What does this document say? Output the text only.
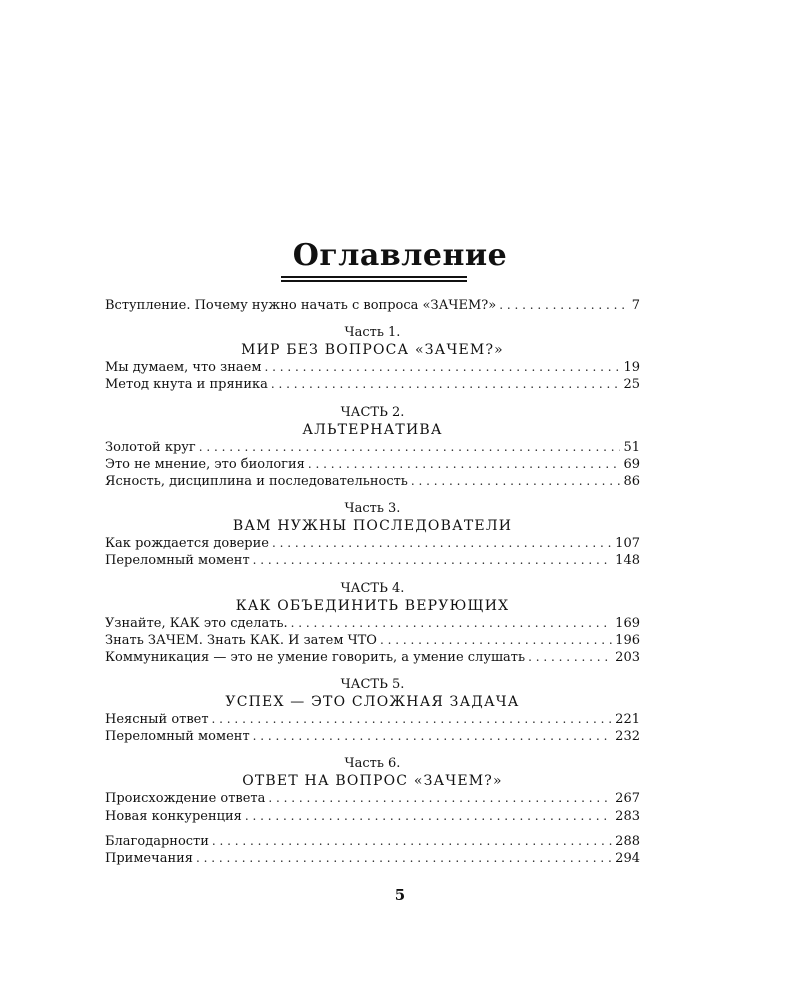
Оглавление
Вступление. Почему нужно начать с вопроса «ЗАЧЕМ?» . . .	7
Часть 1.
МИР БЕЗ ВОПРОСА «ЗАЧЕМ?»
Мы думаем, что знаем . . .	19
Метод кнута и пряника . . .	25
ЧАСТЬ 2.
АЛЬТЕРНАТИВА
Золотой круг . . .	51
Это не мнение, это биология . . .	69
Ясность, дисциплина и последовательность . . .	86
Часть 3.
ВАМ НУЖНЫ ПОСЛЕДОВАТЕЛИ
Как рождается доверие . . .	107
Переломный момент . . .	148
ЧАСТЬ 4.
КАК ОБЪЕДИНИТЬ ВЕРУЮЩИХ
Узнайте, КАК это сделать. . . .	169
Знать ЗАЧЕМ. Знать КАК. И затем ЧТО . . .	196
Коммуникация — это не умение говорить, а умение слушать . . .	203
ЧАСТЬ 5.
УСПЕХ — ЭТО СЛОЖНАЯ ЗАДАЧА
Неясный ответ . . .	221
Переломный момент . . .	232
Часть 6.
ОТВЕТ НА ВОПРОС «ЗАЧЕМ?»
Происхождение ответа . . .	267
Новая конкуренция . . .	283
Благодарности . . .	288
Примечания . . .	294
5
